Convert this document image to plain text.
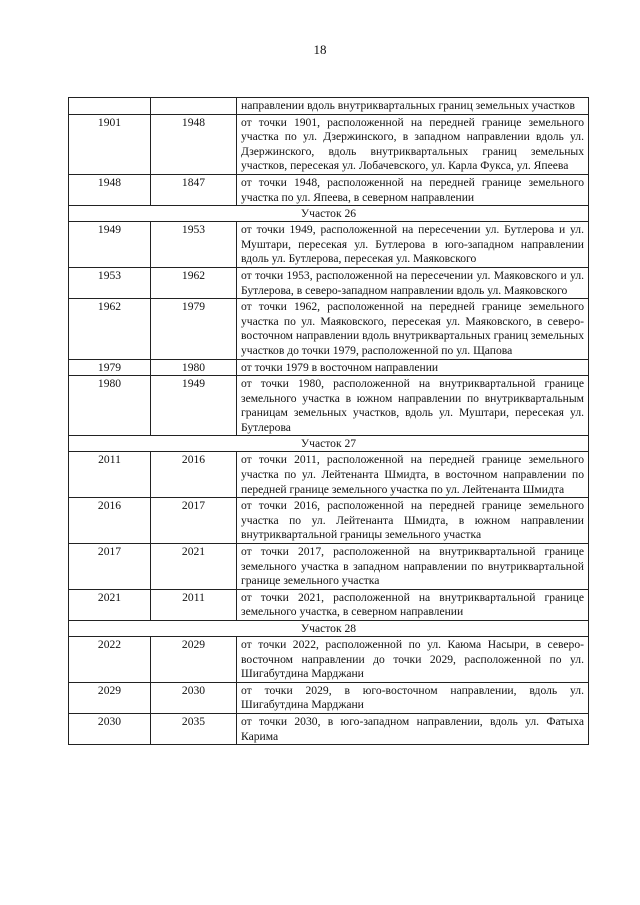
18
		направлении вдоль внутриквартальных границ земельных участков
1901	1948	от точки 1901, расположенной на передней границе земельного участка по ул. Дзержинского, в западном направлении вдоль ул. Дзержинского, вдоль внутриквартальных границ земельных участков, пересекая ул. Лобачевского, ул. Карла Фукса, ул. Япеева
1948	1847	от точки 1948, расположенной на передней границе земельного участка по ул. Япеева, в северном направлении
Участок 26		
1949	1953	от точки 1949, расположенной на пересечении ул. Бутлерова и ул. Муштари, пересекая ул. Бутлерова в юго-западном направлении вдоль ул. Бутлерова, пересекая ул. Маяковского
1953	1962	от точки 1953, расположенной на пересечении ул. Маяковского и ул. Бутлерова, в северо-западном направлении вдоль ул. Маяковского
1962	1979	от точки 1962, расположенной на передней границе земельного участка по ул. Маяковского, пересекая ул. Маяковского, в северо-восточном направлении вдоль внутриквартальных границ земельных участков до точки 1979, расположенной по ул. Щапова
1979	1980	от точки 1979 в восточном направлении
1980	1949	от точки 1980, расположенной на внутриквартальной границе земельного участка в южном направлении по внутриквартальным границам земельных участков, вдоль ул. Муштари, пересекая ул. Бутлерова
Участок 27		
2011	2016	от точки 2011, расположенной на передней границе земельного участка по ул. Лейтенанта Шмидта, в восточном направлении по передней границе земельного участка по ул. Лейтенанта Шмидта
2016	2017	от точки 2016, расположенной на передней границе земельного участка по ул. Лейтенанта Шмидта, в южном направлении внутриквартальной границы земельного участка
2017	2021	от точки 2017, расположенной на внутриквартальной границе земельного участка в западном направлении по внутриквартальной границе земельного участка
2021	2011	от точки 2021, расположенной на внутриквартальной границе земельного участка, в северном направлении
Участок 28		
2022	2029	от точки 2022, расположенной по ул. Каюма Насыри, в северо-восточном направлении до точки 2029, расположенной по ул. Шигабутдина Марджани
2029	2030	от точки 2029, в юго-восточном направлении, вдоль ул. Шигабутдина Марджани
2030	2035	от точки 2030, в юго-западном направлении, вдоль ул. Фатыха Карима
